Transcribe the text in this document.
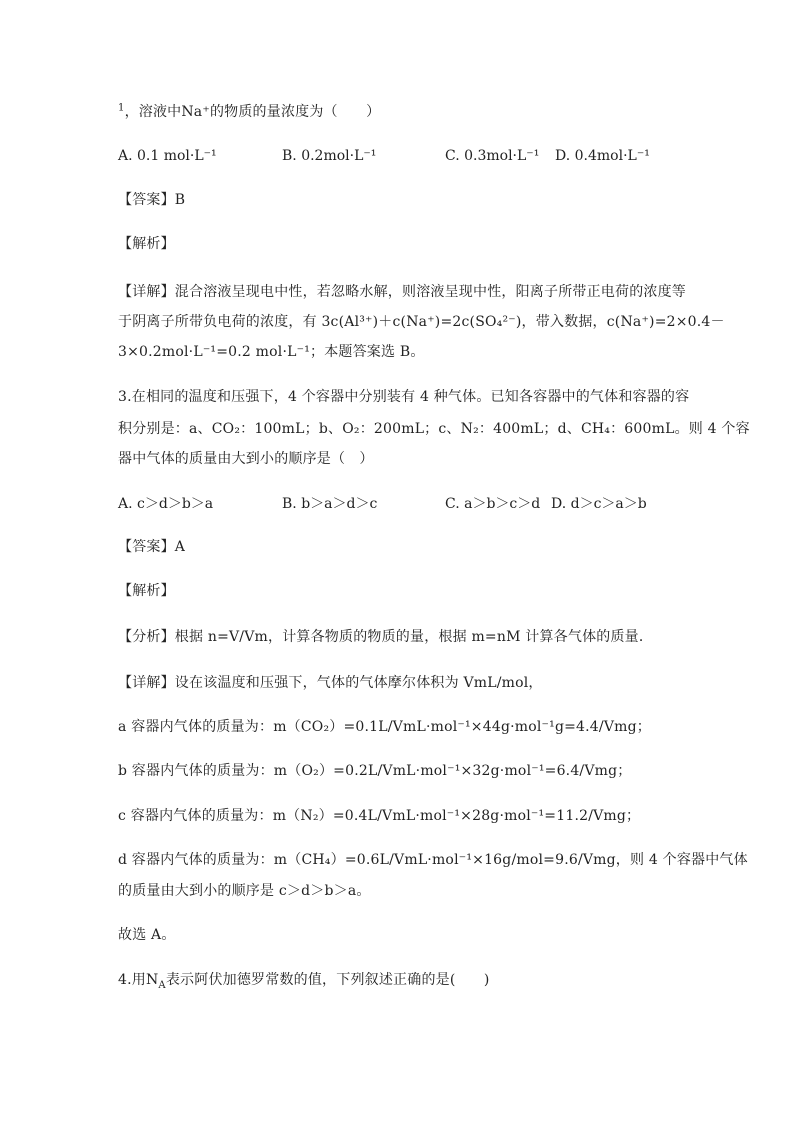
$^1$，溶液中Na⁺的物质的量浓度为（　　）
A. 0.1 mol·L⁻¹	B. 0.2mol·L⁻¹	C. 0.3mol·L⁻¹ D. 0.4mol·L⁻¹
【答案】B
【解析】
【详解】混合溶液呈现电中性，若忽略水解，则溶液呈现中性，阳离子所带正电荷的浓度等
于阴离子所带负电荷的浓度，有 3c(Al³⁺)＋c(Na⁺)=2c(SO₄²⁻)，带入数据，c(Na⁺)=2×0.4－
3×0.2mol·L⁻¹=0.2 mol·L⁻¹；本题答案选 B。
3.在相同的温度和压强下，4 个容器中分别装有 4 种气体。已知各容器中的气体和容器的容
积分别是：a、CO₂：100mL；b、O₂：200mL；c、N₂：400mL；d、CH₄：600mL。则 4 个容
器中气体的质量由大到小的顺序是（　）
A. c＞d＞b＞a	B. b＞a＞d＞c	C. a＞b＞c＞d D. d＞c＞a＞b
【答案】A
【解析】
【分析】根据 n=V/Vm，计算各物质的物质的量，根据 m=nM 计算各气体的质量．
【详解】设在该温度和压强下，气体的气体摩尔体积为 VmL/mol，
a 容器内气体的质量为：m（CO₂）=0.1L/VmL·mol⁻¹×44g·mol⁻¹g=4.4/Vmg；
b 容器内气体的质量为：m（O₂）=0.2L/VmL·mol⁻¹×32g·mol⁻¹=6.4/Vmg；
c 容器内气体的质量为：m（N₂）=0.4L/VmL·mol⁻¹×28g·mol⁻¹=11.2/Vmg；
d 容器内气体的质量为：m（CH₄）=0.6L/VmL·mol⁻¹×16g/mol=9.6/Vmg，则 4 个容器中气体
的质量由大到小的顺序是 c＞d＞b＞a。
故选 A。
4.用$N_A$表示阿伏加德罗常数的值，下列叙述正确的是(　　)
